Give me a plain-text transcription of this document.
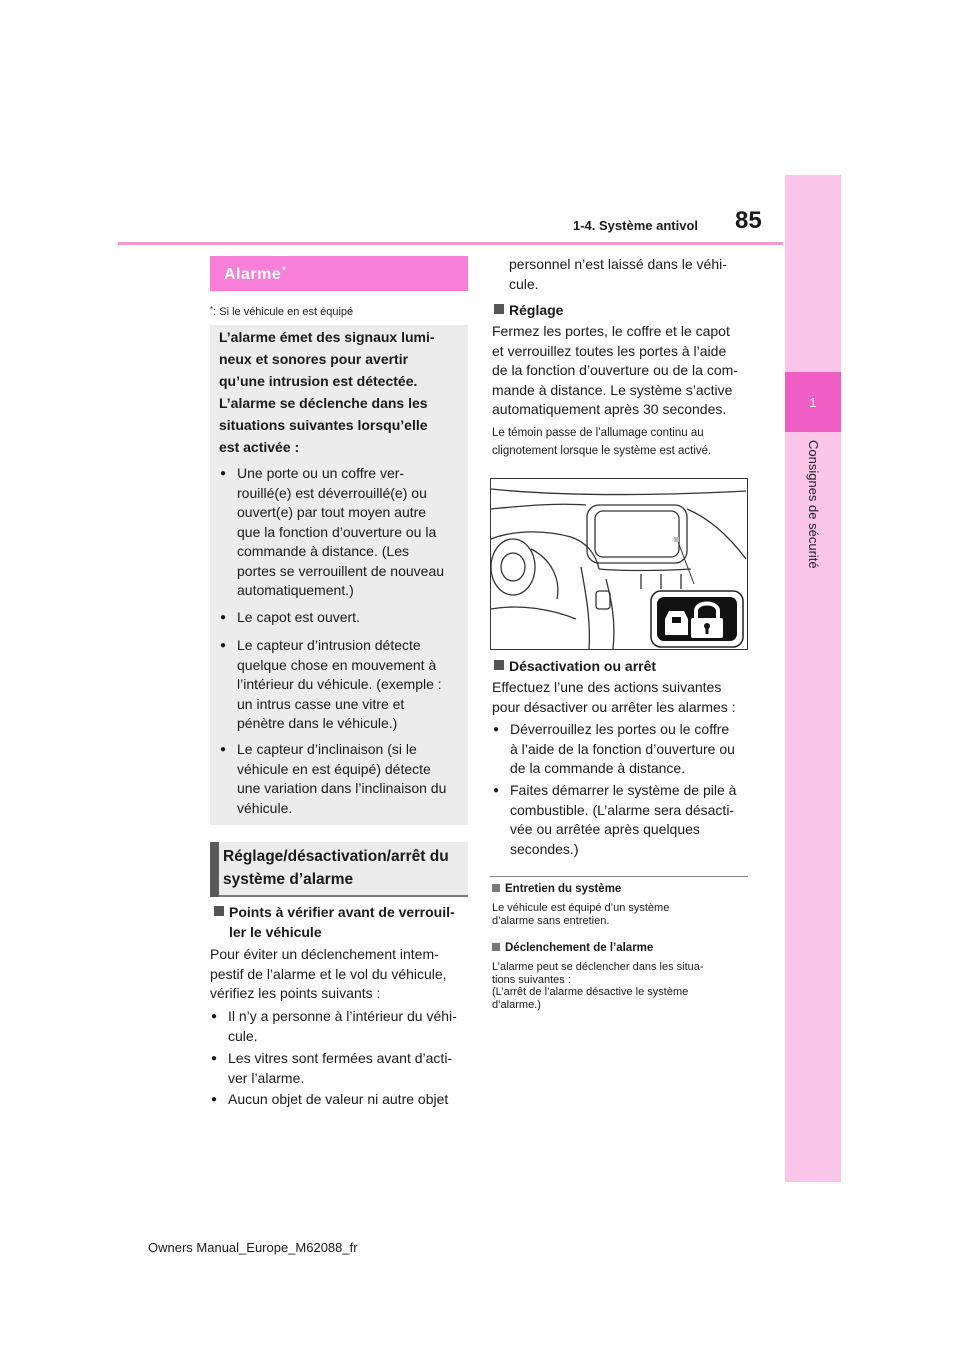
1-4. Système antivol 85
1
Consignes de sécurité
Alarme*
*: Si le véhicule en est équipé
L’alarme émet des signaux lumi-
neux et sonores pour avertir
qu’une intrusion est détectée.
L’alarme se déclenche dans les
situations suivantes lorsqu’elle
est activée :
● Une porte ou un coffre ver-
rouillé(e) est déverrouillé(e) ou
ouvert(e) par tout moyen autre
que la fonction d’ouverture ou la
commande à distance. (Les
portes se verrouillent de nouveau
automatiquement.)
● Le capot est ouvert.
● Le capteur d’intrusion détecte
quelque chose en mouvement à
l’intérieur du véhicule. (exemple :
un intrus casse une vitre et
pénètre dans le véhicule.)
● Le capteur d’inclinaison (si le
véhicule en est équipé) détecte
une variation dans l’inclinaison du
véhicule.
Réglage/désactivation/arrêt du
système d’alarme
Points à vérifier avant de verrouil-
ler le véhicule
Pour éviter un déclenchement intem-
pestif de l’alarme et le vol du véhicule,
vérifiez les points suivants :
● Il n’y a personne à l’intérieur du véhi-
cule.
● Les vitres sont fermées avant d’acti-
ver l’alarme.
● Aucun objet de valeur ni autre objet
personnel n’est laissé dans le véhi-
cule.
Réglage
Fermez les portes, le coffre et le capot
et verrouillez toutes les portes à l’aide
de la fonction d’ouverture ou de la com-
mande à distance. Le système s’active
automatiquement après 30 secondes.
Le témoin passe de l’allumage continu au
clignotement lorsque le système est activé.
Désactivation ou arrêt
Effectuez l’une des actions suivantes
pour désactiver ou arrêter les alarmes :
● Déverrouillez les portes ou le coffre
à l’aide de la fonction d’ouverture ou
de la commande à distance.
● Faites démarrer le système de pile à
combustible. (L’alarme sera désacti-
vée ou arrêtée après quelques
secondes.)
Entretien du système
Le véhicule est équipé d’un système
d’alarme sans entretien.
Déclenchement de l’alarme
L’alarme peut se déclencher dans les situa-
tions suivantes :
(L’arrêt de l’alarme désactive le système
d’alarme.)
Owners Manual_Europe_M62088_fr
